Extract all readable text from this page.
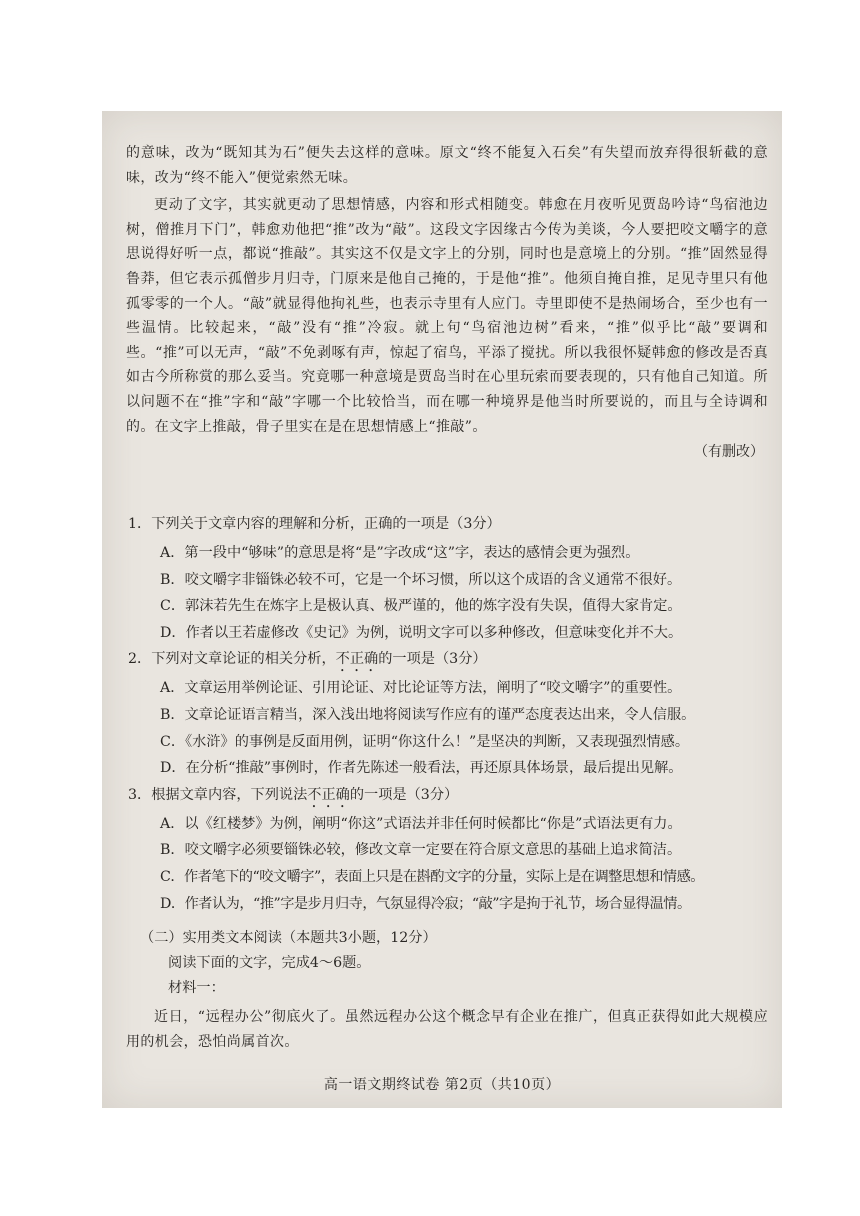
的意味，改为“既知其为石”便失去这样的意味。原文“终不能复入石矣”有失望而放弃得很斩截的意味，改为“终不能入”便觉索然无味。

更动了文字，其实就更动了思想情感，内容和形式相随变。韩愈在月夜听见贾岛吟诗“鸟宿池边树，僧推月下门”，韩愈劝他把“推”改为“敲”。这段文字因缘古今传为美谈，今人要把咬文嚼字的意思说得好听一点，都说“推敲”。其实这不仅是文字上的分别，同时也是意境上的分别。“推”固然显得鲁莽，但它表示孤僧步月归寺，门原来是他自己掩的，于是他“推”。他须自掩自推，足见寺里只有他孤零零的一个人。“敲”就显得他拘礼些，也表示寺里有人应门。寺里即使不是热闹场合，至少也有一些温情。比较起来，“敲”没有“推”冷寂。就上句“鸟宿池边树”看来，“推”似乎比“敲”要调和些。“推”可以无声，“敲”不免剥啄有声，惊起了宿鸟，平添了搅扰。所以我很怀疑韩愈的修改是否真如古今所称赏的那么妥当。究竟哪一种意境是贾岛当时在心里玩索而要表现的，只有他自己知道。所以问题不在“推”字和“敲”字哪一个比较恰当，而在哪一种境界是他当时所要说的，而且与全诗调和的。在文字上推敲，骨子里实在是在思想情感上“推敲”。

（有删改）

1．下列关于文章内容的理解和分析，正确的一项是（3分）

A．第一段中“够味”的意思是将“是”字改成“这”字，表达的感情会更为强烈。

B．咬文嚼字非锱铢必较不可，它是一个坏习惯，所以这个成语的含义通常不很好。

C．郭沫若先生在炼字上是极认真、极严谨的，他的炼字没有失误，值得大家肯定。

D．作者以王若虚修改《史记》为例，说明文字可以多种修改，但意味变化并不大。

2．下列对文章论证的相关分析，不正确的一项是（3分）

A．文章运用举例论证、引用论证、对比论证等方法，阐明了“咬文嚼字”的重要性。

B．文章论证语言精当，深入浅出地将阅读写作应有的谨严态度表达出来，令人信服。

C．《水浒》的事例是反面用例，证明“你这什么！”是坚决的判断，又表现强烈情感。

D．在分析“推敲”事例时，作者先陈述一般看法，再还原具体场景，最后提出见解。

3．根据文章内容，下列说法不正确的一项是（3分）

A．以《红楼梦》为例，阐明“你这”式语法并非任何时候都比“你是”式语法更有力。

B．咬文嚼字必须要锱铢必较，修改文章一定要在符合原文意思的基础上追求简洁。

C．作者笔下的“咬文嚼字”，表面上只是在斟酌文字的分量，实际上是在调整思想和情感。

D．作者认为，“推”字是步月归寺，气氛显得冷寂；“敲”字是拘于礼节，场合显得温情。

（二）实用类文本阅读（本题共3小题，12分）

阅读下面的文字，完成4～6题。

材料一：

近日，“远程办公”彻底火了。虽然远程办公这个概念早有企业在推广，但真正获得如此大规模应用的机会，恐怕尚属首次。

高一语文期终试卷 第2页（共10页）
